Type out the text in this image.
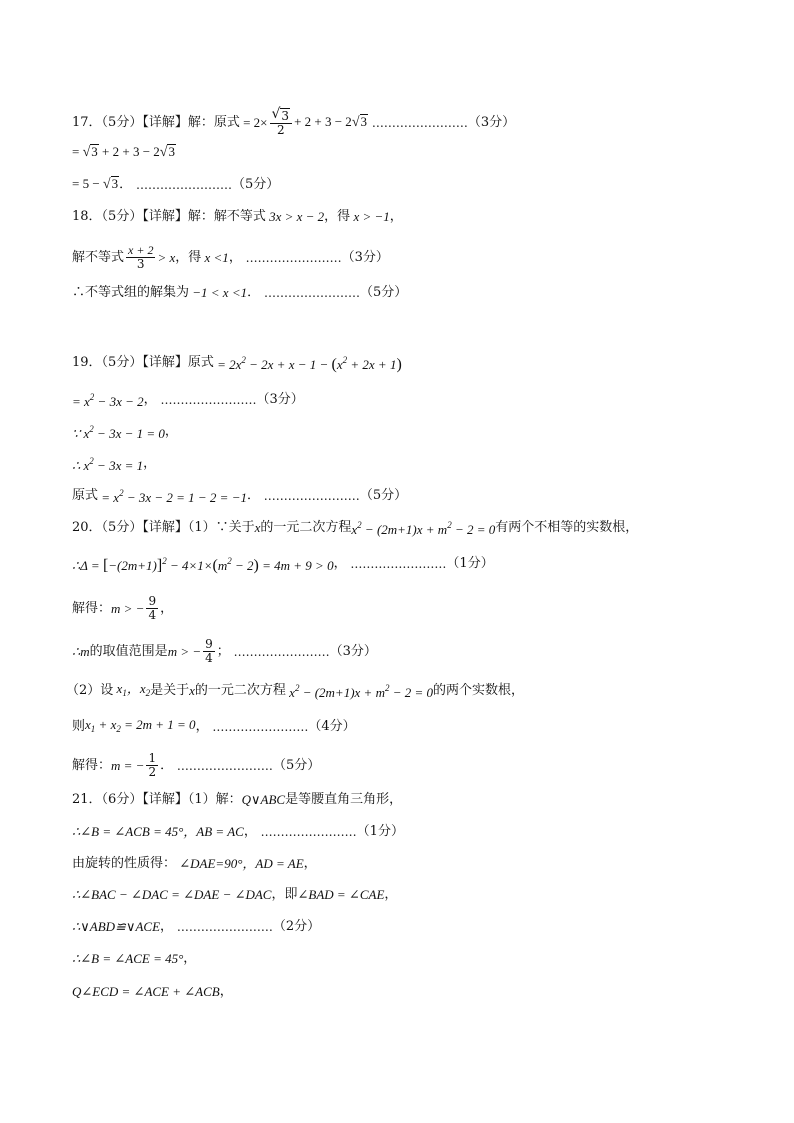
17．（5分）【详解】解：原式 = $2\times \frac{√ 3}{2} + 2 + 3 - 2$ √ 3 …………………… （3分）
= √ 3 + 2 + 3 − 2 √ 3
= 5 − √ 3 ． …………………… （5分）
18．（5分）【详解】解：解不等式 3x > x − 2 ，得 x > −1 ，
解不等式 $\frac{x + 2}{3} > x$ ，得 x <1 ， …………………… （3分）
∴不等式组的解集为 −1 < x <1 ． …………………… （5分）
19．（5分）【详解】原式 = $2x^2 - 2x + x - 1 - (x^2 + 2x + 1)$
= $x^2 - 3x - 2$ ， …………………… （3分）
∵ $x^2 - 3x - 1 = 0$ ，
∴ $x^2 - 3x = 1$ ，
原式 = $x^2 - 3x - 2 = 1 - 2 = -1$ ． …………………… （5分）
20．（5分）【详解】（1）∵关于 x 的一元二次方程 $x^2 - (2m+1)x + m^2 - 2 = 0$ 有两个不相等的实数根，
∴Δ = $[-(2m+1)]^2 - 4\times 1\times(m^2 - 2) = 4m + 9 > 0$ ， …………………… （1分）
解得： m > − $\frac{9}{4}$ ，
∴m 的取值范围是 m > − $\frac{9}{4}$ ； …………………… （3分）
（2）设 $x_1$，$x_2$ 是关于 x 的一元二次方程 $x^2 - (2m+1)x + m^2 - 2 = 0$ 的两个实数根，
则 $x_1 + x_2 = 2m + 1 = 0$ ， …………………… （4分）
解得： m = − $\frac{1}{2}$ ． …………………… （5分）
21．（6分）【详解】（1）解： Q∨ABC 是等腰直角三角形，
∴∠B = ∠ACB = 45°，AB = AC ， …………………… （1分）
由旋转的性质得： ∠DAE=90°，AD = AE ，
∴∠BAC − ∠DAC = ∠DAE − ∠DAC ，即 ∠BAD = ∠CAE ，
∴∨ABD≌∨ACE ， …………………… （2分）
∴∠B = ∠ACE = 45° ，
Q∠ECD = ∠ACE + ∠ACB ，
